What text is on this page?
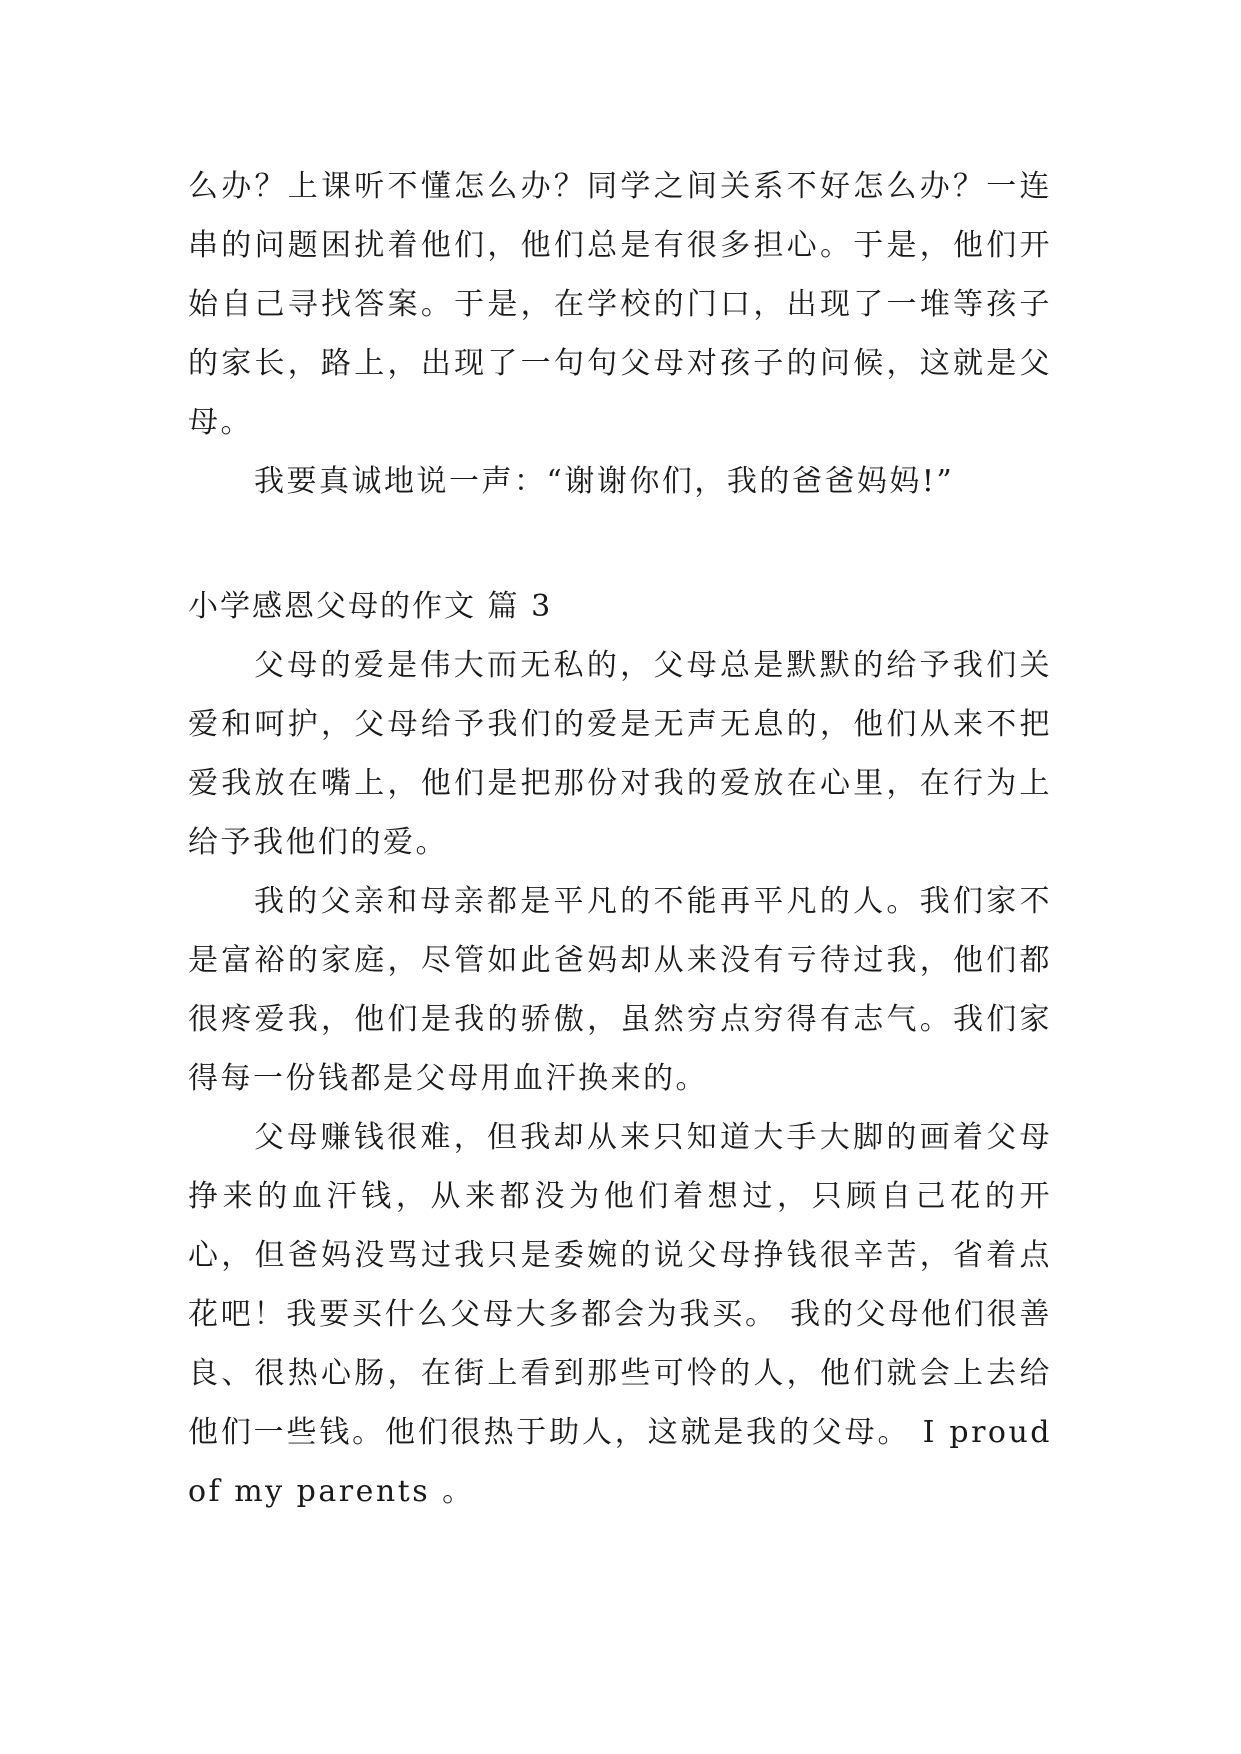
么办？上课听不懂怎么办？同学之间关系不好怎么办？一连串的问题困扰着他们，他们总是有很多担心。于是，他们开始自己寻找答案。于是，在学校的门口，出现了一堆等孩子的家长，路上，出现了一句句父母对孩子的问候，这就是父母。

我要真诚地说一声：“谢谢你们，我的爸爸妈妈!”

小学感恩父母的作文 篇 3

父母的爱是伟大而无私的，父母总是默默的给予我们关爱和呵护，父母给予我们的爱是无声无息的，他们从来不把爱我放在嘴上，他们是把那份对我的爱放在心里，在行为上给予我他们的爱。

我的父亲和母亲都是平凡的不能再平凡的人。我们家不是富裕的家庭，尽管如此爸妈却从来没有亏待过我，他们都很疼爱我，他们是我的骄傲，虽然穷点穷得有志气。我们家得每一份钱都是父母用血汗换来的。

父母赚钱很难，但我却从来只知道大手大脚的画着父母挣来的血汗钱，从来都没为他们着想过，只顾自己花的开心，但爸妈没骂过我只是委婉的说父母挣钱很辛苦，省着点花吧！我要买什么父母大多都会为我买。 我的父母他们很善良、很热心肠，在街上看到那些可怜的人，他们就会上去给他们一些钱。他们很热于助人，这就是我的父母。 I proud of my parents 。
